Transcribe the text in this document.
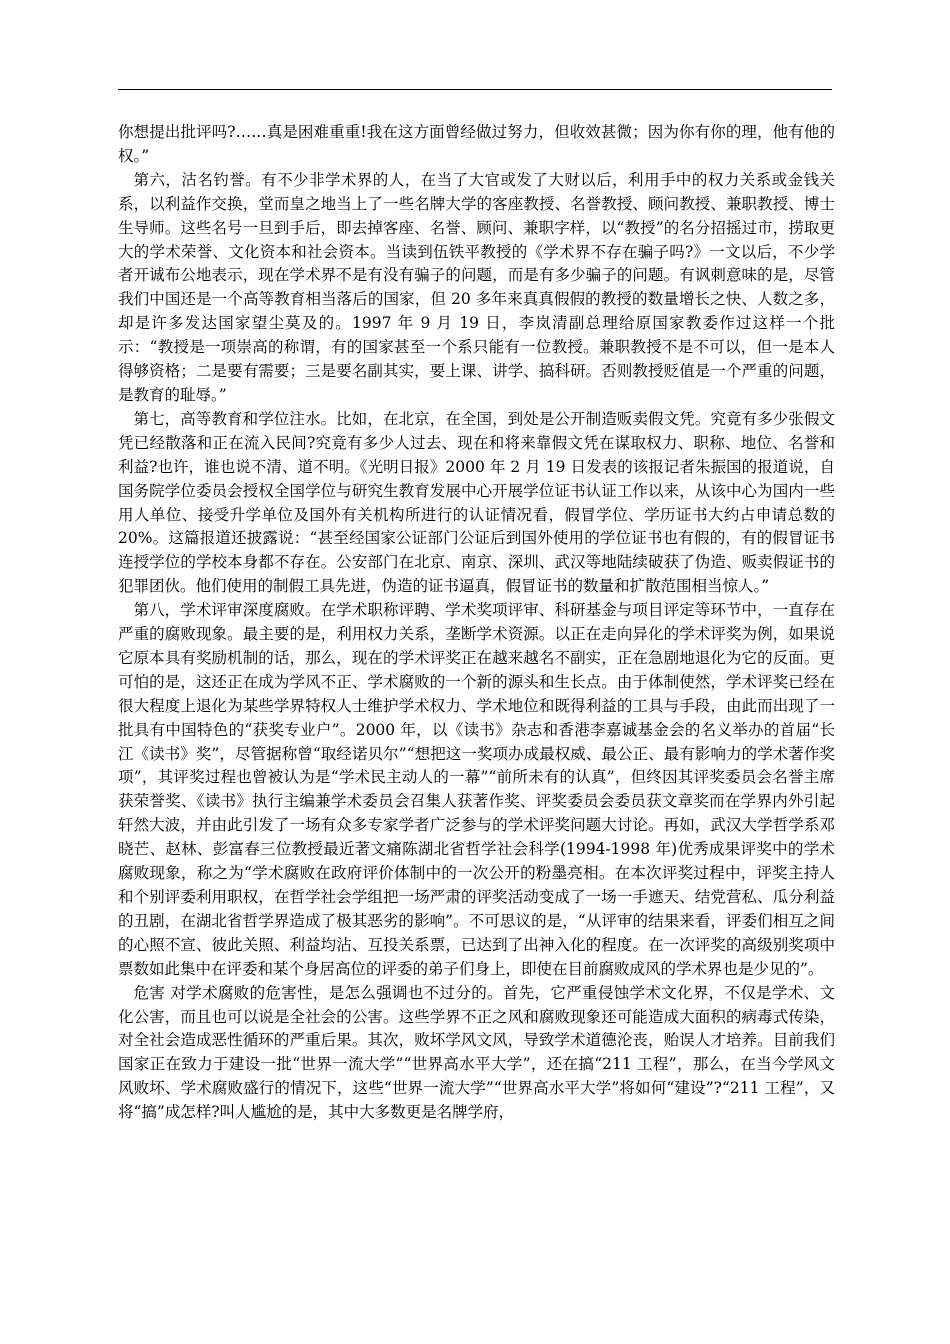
你想提出批评吗?……真是困难重重!我在这方面曾经做过努力，但收效甚微；因为你有你的理，他有他的权。”

第六，沽名钓誉。有不少非学术界的人，在当了大官或发了大财以后，利用手中的权力关系或金钱关系，以利益作交换，堂而皇之地当上了一些名牌大学的客座教授、名誉教授、顾问教授、兼职教授、博士生导师。这些名号一旦到手后，即去掉客座、名誉、顾问、兼职字样，以“教授”的名分招摇过市，捞取更大的学术荣誉、文化资本和社会资本。当读到伍铁平教授的《学术界不存在骗子吗?》一文以后，不少学者开诚布公地表示，现在学术界不是有没有骗子的问题，而是有多少骗子的问题。有讽刺意味的是，尽管我们中国还是一个高等教育相当落后的国家，但 20 多年来真真假假的教授的数量增长之快、人数之多，却是许多发达国家望尘莫及的。1997 年 9 月 19 日，李岚清副总理给原国家教委作过这样一个批示：“教授是一项崇高的称谓，有的国家甚至一个系只能有一位教授。兼职教授不是不可以，但一是本人得够资格；二是要有需要；三是要名副其实，要上课、讲学、搞科研。否则教授贬值是一个严重的问题，是教育的耻辱。”

第七，高等教育和学位注水。比如，在北京，在全国，到处是公开制造贩卖假文凭。究竟有多少张假文凭已经散落和正在流入民间?究竟有多少人过去、现在和将来靠假文凭在谋取权力、职称、地位、名誉和利益?也许，谁也说不清、道不明。《光明日报》2000 年 2 月 19 日发表的该报记者朱振国的报道说，自国务院学位委员会授权全国学位与研究生教育发展中心开展学位证书认证工作以来，从该中心为国内一些用人单位、接受升学单位及国外有关机构所进行的认证情况看，假冒学位、学历证书大约占申请总数的 20%。这篇报道还披露说：“甚至经国家公证部门公证后到国外使用的学位证书也有假的，有的假冒证书连授学位的学校本身都不存在。公安部门在北京、南京、深圳、武汉等地陆续破获了伪造、贩卖假证书的犯罪团伙。他们使用的制假工具先进，伪造的证书逼真，假冒证书的数量和扩散范围相当惊人。”

第八，学术评审深度腐败。在学术职称评聘、学术奖项评审、科研基金与项目评定等环节中，一直存在严重的腐败现象。最主要的是，利用权力关系，垄断学术资源。以正在走向异化的学术评奖为例，如果说它原本具有奖励机制的话，那么，现在的学术评奖正在越来越名不副实，正在急剧地退化为它的反面。更可怕的是，这还正在成为学风不正、学术腐败的一个新的源头和生长点。由于体制使然，学术评奖已经在很大程度上退化为某些学界特权人士维护学术权力、学术地位和既得利益的工具与手段，由此而出现了一批具有中国特色的“获奖专业户”。2000 年，以《读书》杂志和香港李嘉诚基金会的名义举办的首届“长江《读书》奖”，尽管据称曾“取经诺贝尔”“想把这一奖项办成最权威、最公正、最有影响力的学术著作奖项”，其评奖过程也曾被认为是“学术民主动人的一幕”“前所未有的认真”，但终因其评奖委员会名誉主席获荣誉奖、《读书》执行主编兼学术委员会召集人获著作奖、评奖委员会委员获文章奖而在学界内外引起轩然大波，并由此引发了一场有众多专家学者广泛参与的学术评奖问题大讨论。再如，武汉大学哲学系邓晓芒、赵林、彭富春三位教授最近著文痛陈湖北省哲学社会科学(1994-1998 年)优秀成果评奖中的学术腐败现象，称之为“学术腐败在政府评价体制中的一次公开的粉墨亮相。在本次评奖过程中，评奖主持人和个别评委利用职权，在哲学社会学组把一场严肃的评奖活动变成了一场一手遮天、结党营私、瓜分利益的丑剧，在湖北省哲学界造成了极其恶劣的影响”。不可思议的是，“从评审的结果来看，评委们相互之间的心照不宣、彼此关照、利益均沾、互投关系票，已达到了出神入化的程度。在一次评奖的高级别奖项中票数如此集中在评委和某个身居高位的评委的弟子们身上，即使在目前腐败成风的学术界也是少见的”。

危害 对学术腐败的危害性，是怎么强调也不过分的。首先，它严重侵蚀学术文化界，不仅是学术、文化公害，而且也可以说是全社会的公害。这些学界不正之风和腐败现象还可能造成大面积的病毒式传染，对全社会造成恶性循环的严重后果。其次，败坏学风文风，导致学术道德沦丧，贻误人才培养。目前我们国家正在致力于建设一批“世界一流大学”“世界高水平大学”，还在搞“211 工程”，那么，在当今学风文风败坏、学术腐败盛行的情况下，这些“世界一流大学”“世界高水平大学”将如何“建设”?“211 工程”，又将“搞”成怎样?叫人尴尬的是，其中大多数更是名牌学府，
